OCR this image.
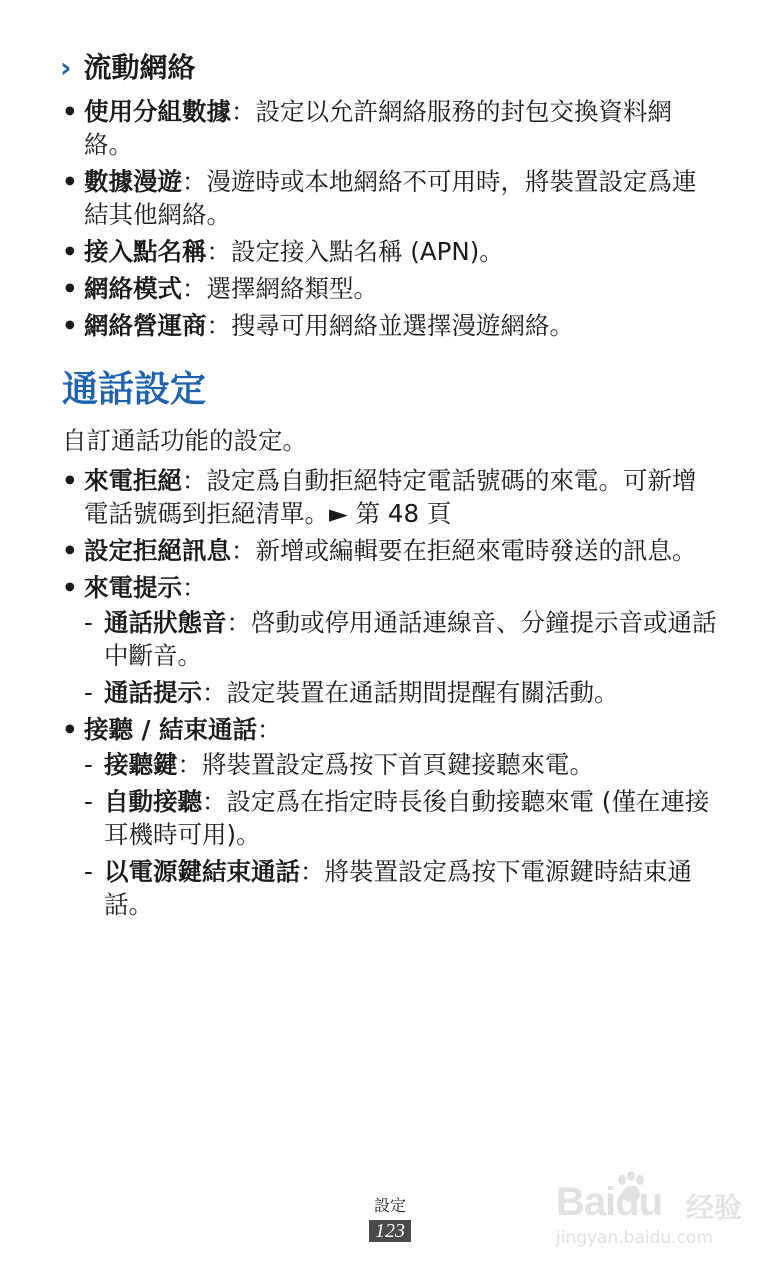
› 流動網絡
• 使用分組數據：設定以允許網絡服務的封包交換資料網絡。
• 數據漫遊：漫遊時或本地網絡不可用時，將裝置設定爲連結其他網絡。
• 接入點名稱：設定接入點名稱 (APN)。
• 網絡模式：選擇網絡類型。
• 網絡營運商：搜尋可用網絡並選擇漫遊網絡。
通話設定

自訂通話功能的設定。

• 來電拒絕：設定爲自動拒絕特定電話號碼的來電。可新增電話號碼到拒絕清單。► 第 48 頁
• 設定拒絕訊息：新增或編輯要在拒絕來電時發送的訊息。
• 來電提示：
- 通話狀態音：啓動或停用通話連線音、分鐘提示音或通話中斷音。
- 通話提示：設定裝置在通話期間提醒有關活動。
• 接聽 / 結束通話：
- 接聽鍵：將裝置設定爲按下首頁鍵接聽來電。
- 自動接聽：設定爲在指定時長後自動接聽來電 (僅在連接耳機時可用)。
- 以電源鍵結束通話：將裝置設定爲按下電源鍵時結束通話。
設定
123
Baidu 经验
jingyan.baidu.com
